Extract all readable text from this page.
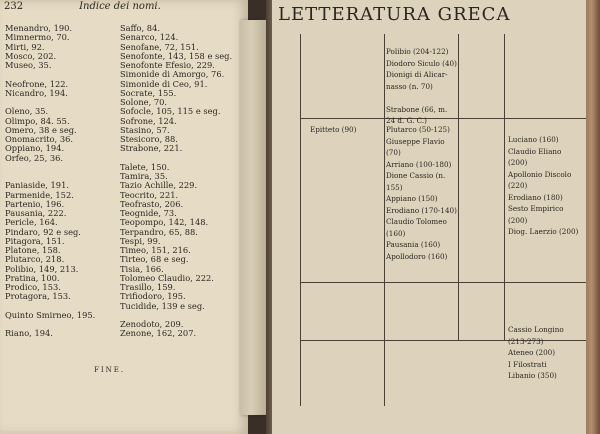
232	Indice dei nomi.
Menandro, 190.
Mimnermo, 70.
Mirti, 92.
Mosco, 202.
Museo, 35.

Neofrone, 122.
Nicandro, 194.

Oleno, 35.
Olimpo, 84. 55.
Omero, 38 e seg.
Onomacrito, 36.
Oppiano, 194.
Orfeo, 25, 36.

Paniaside, 191.
Parmenide, 152.
Partenio, 196.
Pausania, 222.
Pericle, 164.
Pindaro, 92 e seg.
Pitagora, 151.
Platone, 158.
Plutarco, 218.
Polibio, 149, 213.
Pratina, 100.
Prodico, 153.
Protagora, 153.

Quinto Smirneo, 195.

Riano, 194.
Saffo, 84.
Senarco, 124.
Senofane, 72, 151.
Senofonte, 143, 158 e seg.
Senofonte Efesio, 229.
Simonide di Amorgo, 76.
Simonide di Ceo, 91.
Socrate, 155.
Solone, 70.
Sofocle, 105, 115 e seg.
Sofrone, 124.
Stasino, 57.
Stesicoro, 88.
Strabone, 221.

Talete, 150.
Tamira, 35.
Tazio Achille, 229.
Teocrito, 221.
Teofrasto, 206.
Teognide, 73.
Teopompo, 142, 148.
Terpandro, 65, 88.
Tespi, 99.
Timeo, 151, 216.
Tirteo, 68 e seg.
Tisia, 166.
Tolomeo Claudio, 222.
Trasillo, 159.
Trifiodoro, 195.
Tucidide, 139 e seg.

Zenodoto, 209.
Zenone, 162, 207.
FINE.
LETTERATURA GRECA
Polibio (204-122)
Diodoro Siculo (40)
Dionigi di Alicar-
nasso (n. 70)

Strabone (66, m.
24 d. G. C.)
Epitteto (90)	Plutarco (50-125)
Giuseppe Flavio
(70)
Arriano (100-180)
Dione Cassio (n.
155)
Appiano (150)
Erodiano (170-140)
Claudio Tolomeo
(160)
Pausania (160)
Apollodoro (160)
Luciano (160)
Claudio Eliano
(200)
Apollonio Discolo
(220)
Erodiano (180)
Sesto Empirico
(200)
Diog. Laerzio (200)
Cassio Longino
(213-273)
Ateneo (200)
I Filostrati
Libanio (350)
